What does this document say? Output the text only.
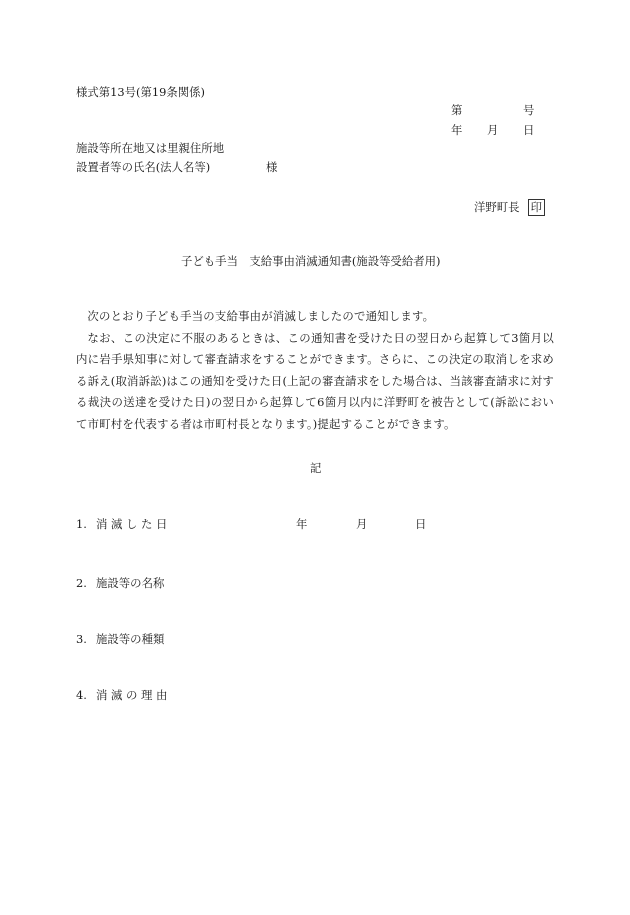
様式第13号(第19条関係)
第	号
年 月 日
施設等所在地又は里親住所地
設置者等の氏名(法人名等)	様
洋野町長 印
子ども手当　支給事由消滅通知書(施設等受給者用)

次のとおり子ども手当の支給事由が消滅しましたので通知します。

なお、この決定に不服のあるときは、この通知書を受けた日の翌日から起算して3箇月以内に岩手県知事に対して審査請求をすることができます。さらに、この決定の取消しを求める訴え(取消訴訟)はこの通知を受けた日(上記の審査請求をした場合は、当該審査請求に対する裁決の送達を受けた日)の翌日から起算して6箇月以内に洋野町を被告として(訴訟において市町村を代表する者は市町村長となります。)提起することができます。

記
1. 消 滅 し た 日	年	月	日
2. 施設等の名称
3. 施設等の種類
4. 消 滅 の 理 由
